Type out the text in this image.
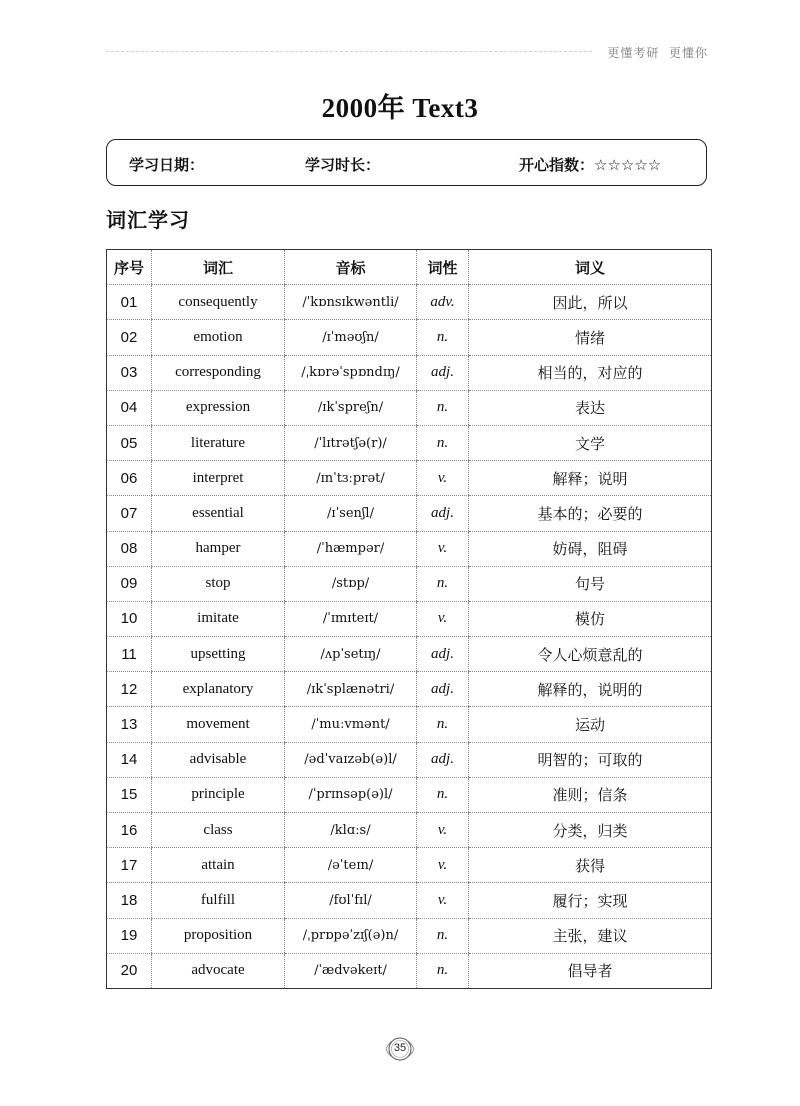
更懂考研  更懂你
2000年 Text3
学习日期：	学习时长：	开心指数：☆☆☆☆☆
词汇学习
序号	词汇	音标	词性	词义
01	consequently	/ˈkɒnsɪkwəntli/	adv.	因此，所以
02	emotion	/ɪˈməʊʃn/	n.	情绪
03	corresponding	/ˌkɒrəˈspɒndɪŋ/	adj.	相当的，对应的
04	expression	/ɪkˈspreʃn/	n.	表达
05	literature	/ˈlɪtrətʃə(r)/	n.	文学
06	interpret	/ɪnˈtɜːprət/	v.	解释；说明
07	essential	/ɪˈsenʃl/	adj.	基本的；必要的
08	hamper	/ˈhæmpər/	v.	妨碍，阻碍
09	stop	/stɒp/	n.	句号
10	imitate	/ˈɪmɪteɪt/	v.	模仿
11	upsetting	/ʌpˈsetɪŋ/	adj.	令人心烦意乱的
12	explanatory	/ɪkˈsplænətri/	adj.	解释的，说明的
13	movement	/ˈmuːvmənt/	n.	运动
14	advisable	/ədˈvaɪzəb(ə)l/	adj.	明智的；可取的
15	principle	/ˈprɪnsəp(ə)l/	n.	准则；信条
16	class	/klɑːs/	v.	分类，归类
17	attain	/əˈteɪn/	v.	获得
18	fulfill	/fʊlˈfɪl/	v.	履行；实现
19	proposition	/ˌprɒpəˈzɪʃ(ə)n/	n.	主张，建议
20	advocate	/ˈædvəkeɪt/	n.	倡导者
35
